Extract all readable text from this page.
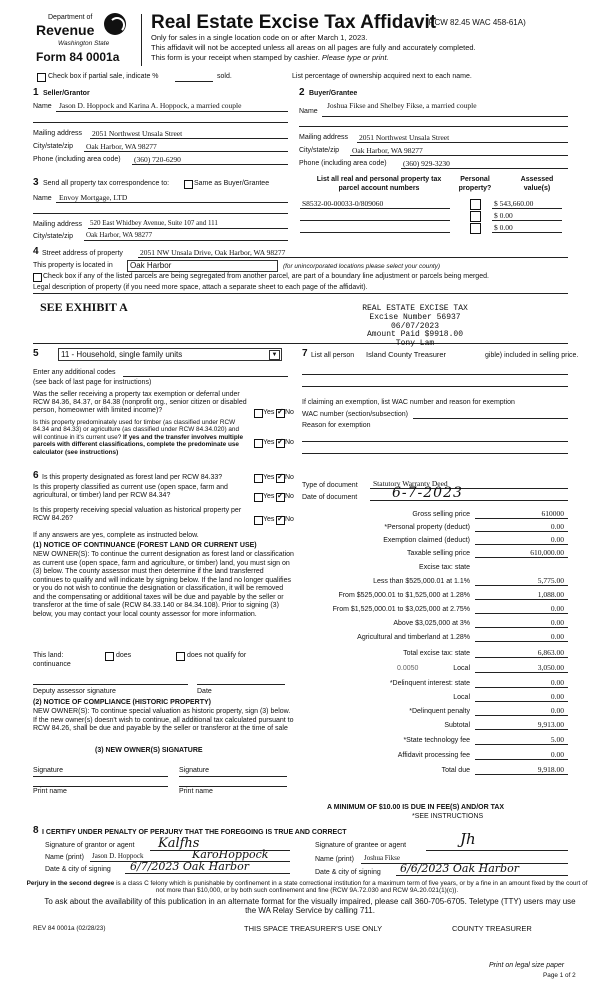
Department of
Revenue
Washington State
Form 84 0001a
Real Estate Excise Tax Affidavit
(RCW 82.45 WAC 458-61A)
Only for sales in a single location code on or after March 1, 2023.
This affidavit will not be accepted unless all areas on all pages are fully and accurately completed.
This form is your receipt when stamped by cashier. Please type or print.
Check box if partial sale, indicate %	sold.	List percentage of ownership acquired next to each name.
1 Seller/Grantor
Name Jason D. Hoppock and Karina A. Hoppock, a married couple
Mailing address 2051 Northwest Unsala Street
City/state/zip Oak Harbor, WA 98277
Phone (including area code) (360) 720-6290
2 Buyer/Grantee
Joshua Fikse and Shelbey Fikse, a married couple
Name
Mailing address 2051 Northwest Unsala Street
City/state/zip Oak Harbor, WA 98277
Phone (including area code) (360) 929-3230
3 Send all property tax correspondence to:	Same as Buyer/Grantee
Name Envoy Mortgage, LTD
Mailing address 520 East Whidbey Avenue, Suite 107 and 111
City/state/zip Oak Harbor, WA 98277
List all real and personal property tax
parcel account numbers
Personal
property?
Assessed
value(s)
S8532-00-00033-0/809060	$ 543,660.00
$ 0.00
$ 0.00
4 Street address of property 2051 NW Unsala Drive, Oak Harbor, WA 98277
This property is located in	Oak Harbor	(for unincorporated locations please select your county)
Check box if any of the listed parcels are being segregated from another parcel, are part of a boundary line adjustment or parcels being merged.
Legal description of property (if you need more space, attach a separate sheet to each page of the affidavit).
SEE EXHIBIT A	REAL ESTATE EXCISE TAX
Excise Number 56937
06/07/2023
Amount Paid $9918.00
Tony Lam
5	11 - Household, single family units	▼
Enter any additional codes
(see back of last page for instructions)
Was the seller receiving a property tax exemption or deferral under RCW 84.36, 84.37, or 84.38 (nonprofit org., senior citizen or disabled person, homeowner with limited income)?	Yes ✓ No
Is this property predominately used for timber (as classified under RCW 84.34 and 84.33) or agriculture (as classified under RCW 84.34.020) and will continue in it's current use? If yes and the transfer involves multiple parcels with different classifications, complete the predominate use calculator (see instructions)
Yes ✓ No
7 List all person Island County Treasurer	gible) included in selling price.
If claiming an exemption, list WAC number and reason for exemption
WAC number (section/subsection)
Reason for exemption
6 Is this property designated as forest land per RCW 84.33?	Yes ✓ No
Is this property classified as current use (open space, farm and agricultural, or timber) land per RCW 84.34?	Yes ✓ No
Is this property receiving special valuation as historical property per RCW 84.26?	Yes ✓ No
If any answers are yes, complete as instructed below.
(1) NOTICE OF CONTINUANCE (FOREST LAND OR CURRENT USE)
NEW OWNER(S): To continue the current designation as forest land or classification as current use (open space, farm and agriculture, or timber) land, you must sign on (3) below. The county assessor must then determine if the land transferred continues to qualify and will indicate by signing below. If the land no longer qualifies or you do not wish to continue the designation or classification, it will be removed and the compensating or additional taxes will be due and payable by the seller or transferor at the time of sale (RCW 84.33.140 or 84.34.108). Prior to signing (3) below, you may contact your local county assessor for more information.
This land:	does	does not qualify for
continuance
Deputy assessor signature	Date
(2) NOTICE OF COMPLIANCE (HISTORIC PROPERTY)
NEW OWNER(S): To continue special valuation as historic property, sign (3) below. If the new owner(s) doesn't wish to continue, all additional tax calculated pursuant to RCW 84.26, shall be due and payable by the seller or transferor at the time of sale
(3) NEW OWNER(S) SIGNATURE
Signature	Signature
Print name	Print name
Type of document Statutory Warranty Deed
Date of document 6-7-2023
Gross selling price	610000
*Personal property (deduct)	0.00
Exemption claimed (deduct)	0.00
Taxable selling price	610,000.00
Excise tax: state
Less than $525,000.01 at 1.1%	5,775.00
From $525,000.01 to $1,525,000 at 1.28%	1,088.00
From $1,525,000.01 to $3,025,000 at 2.75%	0.00
Above $3,025,000 at 3%	0.00
Agricultural and timberland at 1.28%	0.00
Total excise tax: state	6,863.00
Local	3,050.00
*Delinquent interest: state	0.00
Local	0.00
*Delinquent penalty	0.00
Subtotal	9,913.00
*State technology fee	5.00
Affidavit processing fee	0.00
Total due	9,918.00
0.0050
A MINIMUM OF $10.00 IS DUE IN FEE(S) AND/OR TAX
*SEE INSTRUCTIONS
8 I CERTIFY UNDER PENALTY OF PERJURY THAT THE FOREGOING IS TRUE AND CORRECT
Signature of grantor or agent Kalfhs
Name (print) Jason D. Hoppock	KaroHoppock
Date & city of signing 6/7/2023 Oak Harbor
Signature of grantee or agent	Jh
Name (print) Joshua Fikse
Date & city of signing 6/6/2023 Oak Harbor
Perjury in the second degree is a class C felony which is punishable by confinement in a state correctional institution for a maximum term of five years, or by a fine in an amount fixed by the court of not more than $10,000, or by both such confinement and fine (RCW 9A.72.030 and RCW 9A.20.021(1)(c)).
To ask about the availability of this publication in an alternate format for the visually impaired, please call 360-705-6705. Teletype (TTY) users may use the WA Relay Service by calling 711.
REV 84 0001a (02/28/23)	THIS SPACE TREASURER'S USE ONLY	COUNTY TREASURER
Print on legal size paper
Page 1 of 2
